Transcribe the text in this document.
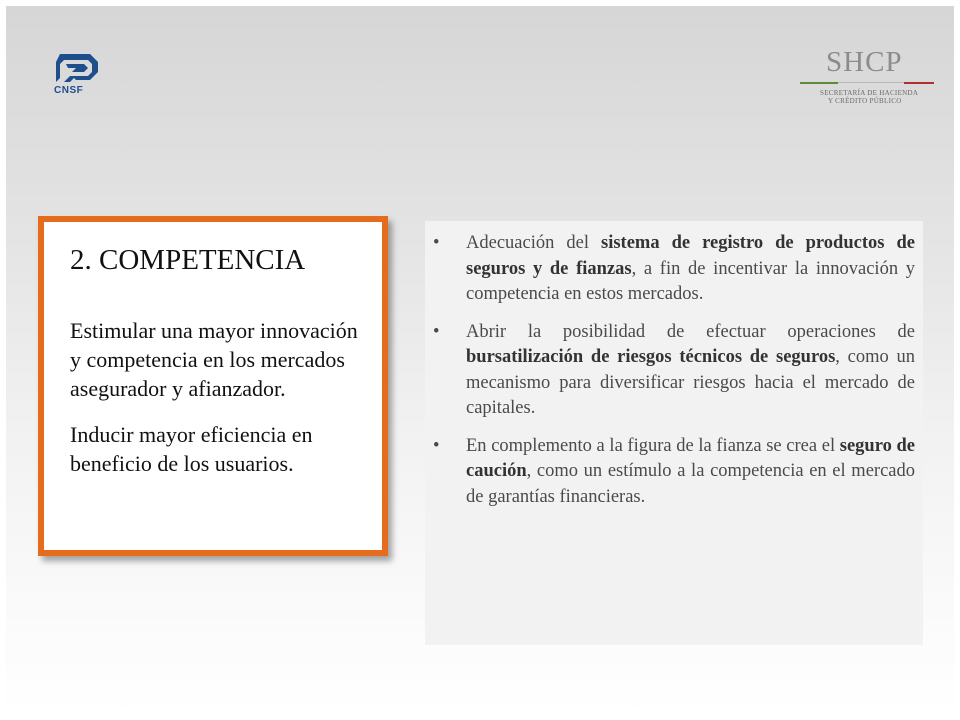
CNSF
SHCP
SECRETARÍA DE HACIENDA
Y CRÉDITO PÚBLICO
2. COMPETENCIA

Estimular una mayor innovación y competencia en los mercados asegurador y afianzador.

Inducir mayor eficiencia en beneficio de los usuarios.

• Adecuación del sistema de registro de productos de seguros y de fianzas, a fin de incentivar la innovación y competencia en estos mercados.
• Abrir la posibilidad de efectuar operaciones de bursatilización de riesgos técnicos de seguros, como un mecanismo para diversificar riesgos hacia el mercado de capitales.
• En complemento a la figura de la fianza se crea el seguro de caución, como un estímulo a la competencia en el mercado de garantías financieras.
